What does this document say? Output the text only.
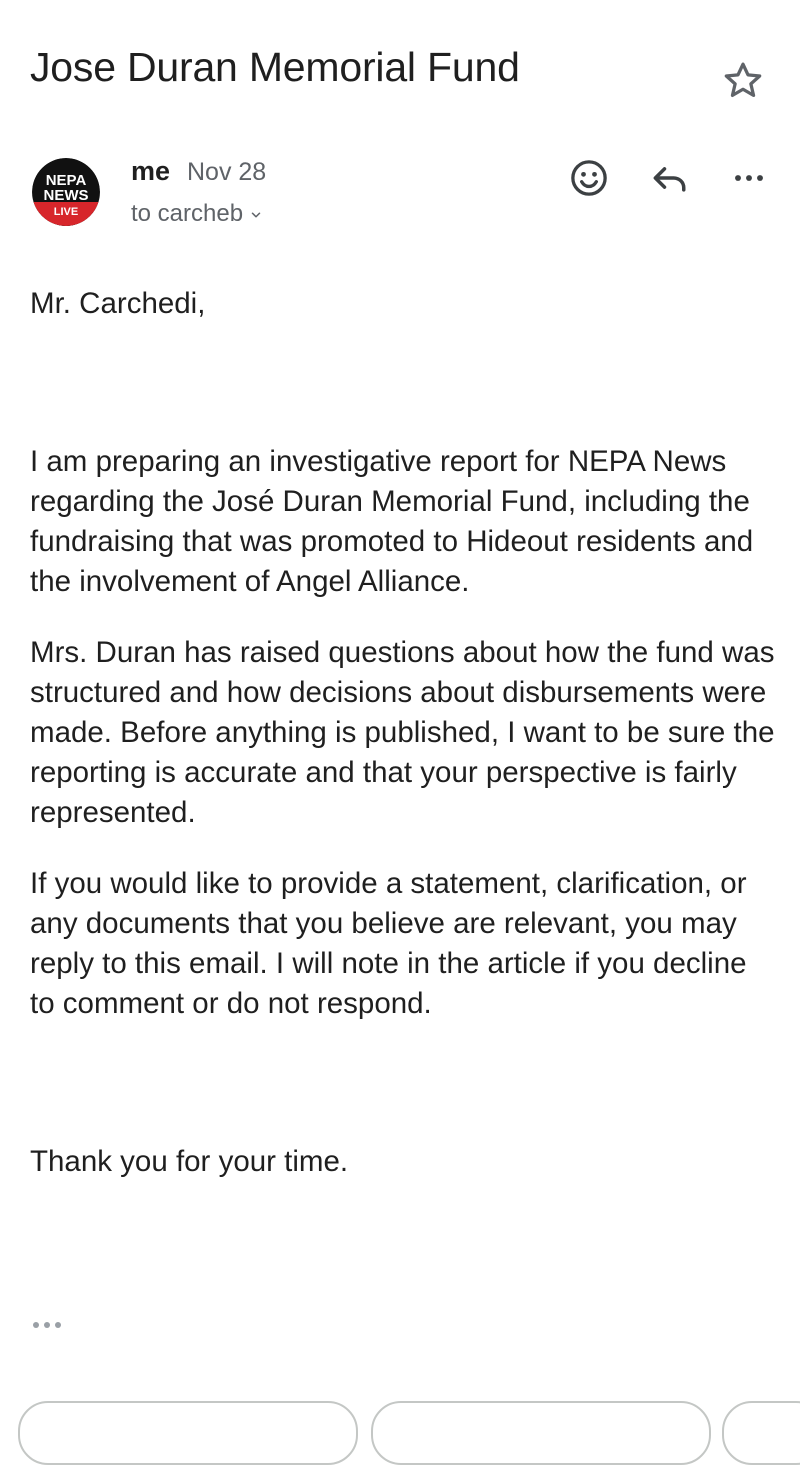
Jose Duran Memorial Fund
NEPA
NEWS
LIVE
me Nov 28
to carcheb

Mr. Carchedi,

I am preparing an investigative report for NEPA News regarding the José Duran Memorial Fund, including the fundraising that was promoted to Hideout residents and the involvement of Angel Alliance.

Mrs. Duran has raised questions about how the fund was structured and how decisions about disbursements were made. Before anything is published, I want to be sure the reporting is accurate and that your perspective is fairly represented.

If you would like to provide a statement, clarification, or any documents that you believe are relevant, you may reply to this email. I will note in the article if you decline to comment or do not respond.

Thank you for your time.
